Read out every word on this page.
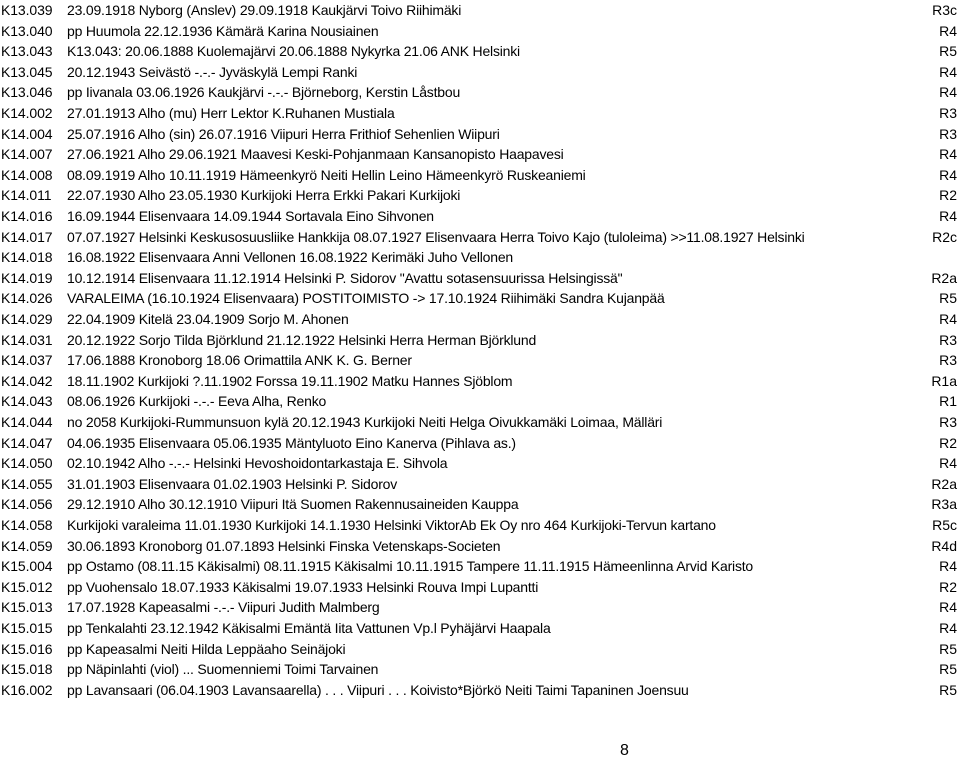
K13.039 23.09.1918 Nyborg (Anslev) 29.09.1918 Kaukjärvi Toivo Riihimäki	R3c
K13.040 pp Huumola 22.12.1936 Kämärä Karina Nousiainen	R4
K13.043 K13.043: 20.06.1888 Kuolemajärvi 20.06.1888 Nykyrka 21.06 ANK Helsinki	R5
K13.045 20.12.1943 Seivästö -.-.- Jyväskylä Lempi Ranki	R4
K13.046 pp Iivanala 03.06.1926 Kaukjärvi -.-.- Björneborg, Kerstin Låstbou	R4
K14.002 27.01.1913 Alho (mu) Herr Lektor K.Ruhanen Mustiala	R3
K14.004 25.07.1916 Alho (sin) 26.07.1916 Viipuri Herra Frithiof Sehenlien Wiipuri	R3
K14.007 27.06.1921 Alho 29.06.1921 Maavesi Keski-Pohjanmaan Kansanopisto Haapavesi	R4
K14.008 08.09.1919 Alho 10.11.1919 Hämeenkyrö Neiti Hellin Leino Hämeenkyrö Ruskeaniemi	R4
K14.011 22.07.1930 Alho 23.05.1930 Kurkijoki Herra Erkki Pakari Kurkijoki	R2
K14.016 16.09.1944 Elisenvaara 14.09.1944 Sortavala Eino Sihvonen	R4
K14.017 07.07.1927 Helsinki Keskusosuusliike Hankkija 08.07.1927 Elisenvaara Herra Toivo Kajo (tuloleima) >>11.08.1927 Helsinki	R2c
K14.018 16.08.1922 Elisenvaara Anni Vellonen 16.08.1922 Kerimäki Juho Vellonen
K14.019 10.12.1914 Elisenvaara 11.12.1914 Helsinki P. Sidorov "Avattu sotasensuurissa Helsingissä"	R2a
K14.026 VARALEIMA (16.10.1924 Elisenvaara) POSTITOIMISTO -> 17.10.1924 Riihimäki Sandra Kujanpää	R5
K14.029 22.04.1909 Kitelä 23.04.1909 Sorjo M. Ahonen	R4
K14.031 20.12.1922 Sorjo Tilda Björklund 21.12.1922 Helsinki Herra Herman Björklund	R3
K14.037 17.06.1888 Kronoborg 18.06 Orimattila ANK K. G. Berner	R3
K14.042 18.11.1902 Kurkijoki ?.11.1902 Forssa 19.11.1902 Matku Hannes Sjöblom	R1a
K14.043 08.06.1926 Kurkijoki -.-.- Eeva Alha, Renko	R1
K14.044 no 2058 Kurkijoki-Rummunsuon kylä 20.12.1943 Kurkijoki Neiti Helga Oivukkamäki Loimaa, Mälläri	R3
K14.047 04.06.1935 Elisenvaara 05.06.1935 Mäntyluoto Eino Kanerva (Pihlava as.)	R2
K14.050 02.10.1942 Alho -.-.- Helsinki Hevoshoidontarkastaja E. Sihvola	R4
K14.055 31.01.1903 Elisenvaara 01.02.1903 Helsinki P. Sidorov	R2a
K14.056 29.12.1910 Alho 30.12.1910 Viipuri Itä Suomen Rakennusaineiden Kauppa	R3a
K14.058 Kurkijoki varaleima 11.01.1930 Kurkijoki 14.1.1930 Helsinki ViktorAb Ek Oy nro 464 Kurkijoki-Tervun kartano	R5c
K14.059 30.06.1893 Kronoborg 01.07.1893 Helsinki Finska Vetenskaps-Societen	R4d
K15.004 pp Ostamo (08.11.15 Käkisalmi) 08.11.1915 Käkisalmi 10.11.1915 Tampere 11.11.1915 Hämeenlinna Arvid Karisto	R4
K15.012 pp Vuohensalo 18.07.1933 Käkisalmi 19.07.1933 Helsinki Rouva Impi Lupantti	R2
K15.013 17.07.1928 Kapeasalmi -.-.- Viipuri Judith Malmberg	R4
K15.015 pp Tenkalahti 23.12.1942 Käkisalmi Emäntä Iita Vattunen Vp.l Pyhäjärvi Haapala	R4
K15.016 pp Kapeasalmi Neiti Hilda Leppäaho Seinäjoki	R5
K15.018 pp Näpinlahti (viol) ... Suomenniemi Toimi Tarvainen	R5
K16.002 pp Lavansaari (06.04.1903 Lavansaarella) . . . Viipuri . . . Koivisto*Björkö Neiti Taimi Tapaninen Joensuu	R5
8
